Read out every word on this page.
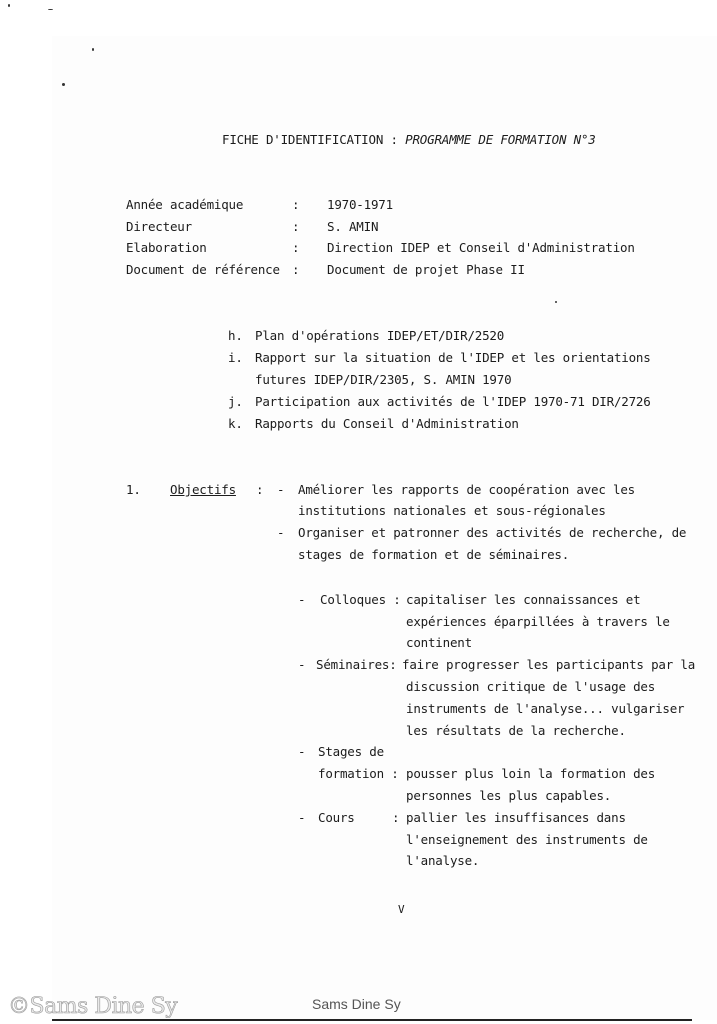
FICHE D'IDENTIFICATION : PROGRAMME DE FORMATION N°3
Année académique	: 1970-1971
Directeur	: S. AMIN
Elaboration	: Direction IDEP et Conseil d'Administration
Document de référence : Document de projet Phase II
h. Plan d'opérations IDEP/ET/DIR/2520
i. Rapport sur la situation de l'IDEP et les orientations
futures IDEP/DIR/2305, S. AMIN 1970
j. Participation aux activités de l'IDEP 1970-71 DIR/2726
k. Rapports du Conseil d'Administration
1. Objectifs : - Améliorer les rapports de coopération avec les
institutions nationales et sous-régionales
- Organiser et patronner des activités de recherche, de
stages de formation et de séminaires.
- Colloques : capitaliser les connaissances et
expériences éparpillées à travers le
continent
- Séminaires: faire progresser les participants par la
discussion critique de l'usage des
instruments de l'analyse... vulgariser
les résultats de la recherche.
- Stages de
formation : pousser plus loin la formation des
personnes les plus capables.
- Cours	: pallier les insuffisances dans
l'enseignement des instruments de
l'analyse.
V
©Sams Dine Sy	Sams Dine Sy
